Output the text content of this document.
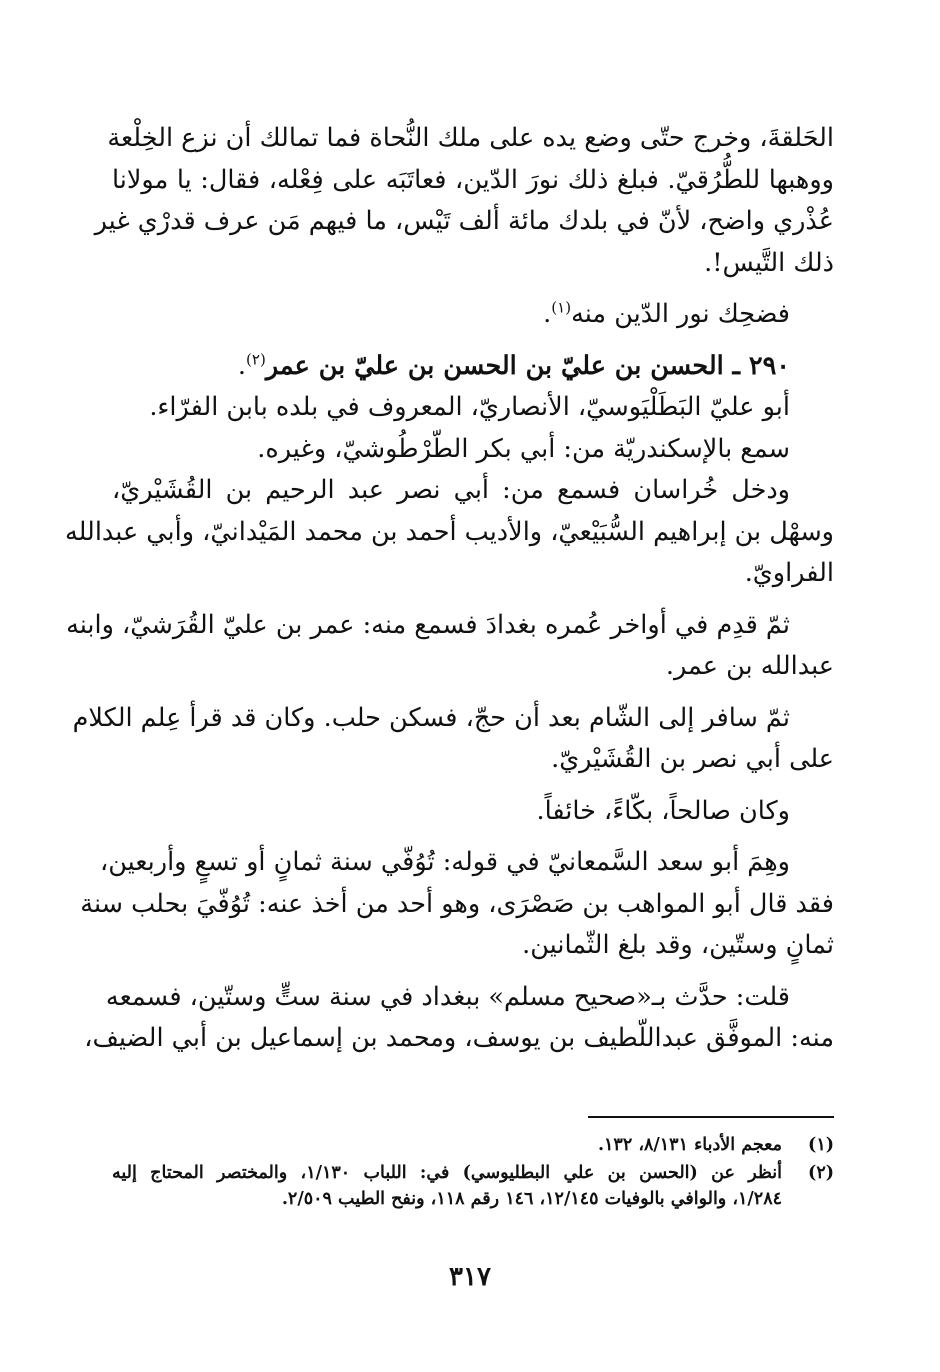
الحَلقةَ، وخرج حتّى وضع يده على ملك النُّحاة فما تمالك أن نزع الخِلْعة
ووهبها للطُّرُقيّ. فبلغ ذلك نورَ الدّين، فعاتَبَه على فِعْله، فقال: يا مولانا
عُذْري واضح، لأنّ في بلدك مائة ألف تَيْس، ما فيهم مَن عرف قدرْي غير
ذلك التَّيس!.

فضحِك نور الدّين منه$^{(١)}$.

٢٩٠ ـ الحسن بن عليّ بن الحسن بن عليّ بن عمر$^{(٢)}$.

أبو عليّ البَطَلْيَوسيّ، الأنصاريّ، المعروف في بلده بابن الفرّاء.

سمع بالإسكندريّة من: أبي بكر الطّرْطُوشيّ، وغيره.

ودخل خُراسان فسمع من: أبي نصر عبد الرحيم بن القُشَيْريّ،
وسهْل بن إبراهيم السُّبَيْعيّ، والأديب أحمد بن محمد المَيْدانيّ، وأبي عبدالله
الفراويّ.

ثمّ قدِم في أواخر عُمره بغدادَ فسمع منه: عمر بن عليّ القُرَشيّ، وابنه
عبدالله بن عمر.

ثمّ سافر إلى الشّام بعد أن حجّ، فسكن حلب. وكان قد قرأ عِلم الكلام
على أبي نصر بن القُشَيْريّ.

وكان صالحاً، بكّاءً، خائفاً.

وهِمَ أبو سعد السَّمعانيّ في قوله: تُوُفّي سنة ثمانٍ أو تسعٍ وأربعين،
فقد قال أبو المواهب بن صَصْرَى، وهو أحد من أخذ عنه: تُوُفّيَ بحلب سنة
ثمانٍ وستّين، وقد بلغ الثّمانين.

قلت: حدَّث بـ«صحيح مسلم» ببغداد في سنة ستٍّ وستّين، فسمعه
منه: الموفَّق عبداللّطيف بن يوسف، ومحمد بن إسماعيل بن أبي الضيف،

(١)
معجم الأدباء ٨/١٣١، ١٣٢.
(٢)
أنظر عن (الحسن بن علي البطليوسي) في: اللباب ١/١٣٠، والمختصر المحتاج إليه
١/٢٨٤، والوافي بالوفيات ١٢/١٤٥، ١٤٦ رقم ١١٨، ونفح الطيب ٢/٥٠٩.
٣١٧
